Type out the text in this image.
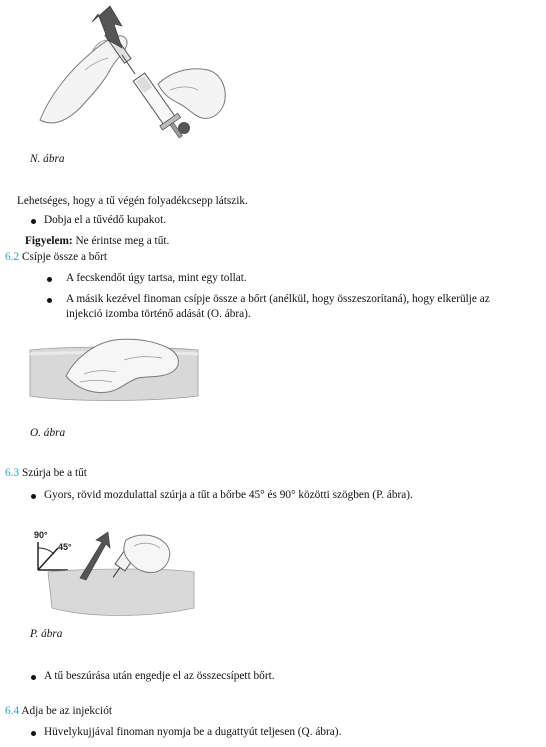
N. ábra
Lehetséges, hogy a tű végén folyadékcsepp látszik.
Dobja el a tűvédő kupakot.
Figyelem: Ne érintse meg a tűt.
6.2 Csípje össze a bőrt
A fecskendőt úgy tartsa, mint egy tollat.
A másik kezével finoman csípje össze a bőrt (anélkül, hogy összeszorítaná), hogy elkerülje az
injekció izomba történő adását (O. ábra).
O. ábra
6.3 Szúrja be a tűt
Gyors, rövid mozdulattal szúrja a tűt a bőrbe 45° és 90° közötti szögben (P. ábra).
90°
45°
P. ábra
A tű beszúrása után engedje el az összecsípett bőrt.
6.4 Adja be az injekciót
Hüvelykujjával finoman nyomja be a dugattyút teljesen (Q. ábra).
